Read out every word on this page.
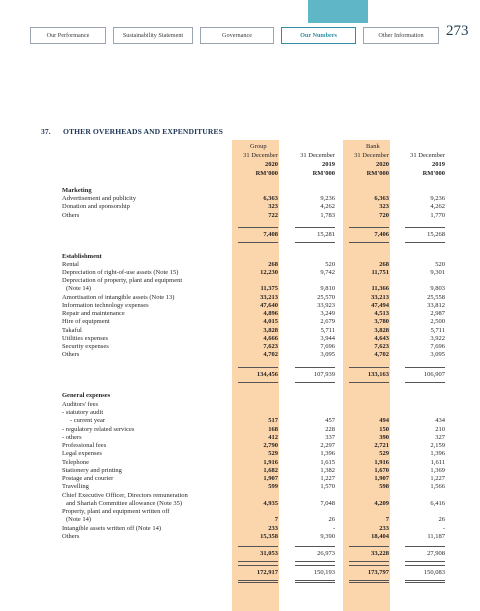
Our Performance	Sustainability Statement	Governance	Our Numbers	Other Information	273
37. OTHER OVERHEADS AND EXPENDITURES
Group	Bank
31 December	31 December	31 December	31 December
2020	2019	2020	2019
RM'000	RM'000	RM'000	RM'000
Marketing
Advertisement and publicity	6,363	9,236	6,363	9,236
Donation and sponsorship	323	4,262	323	4,262
Others	722	1,783	720	1,770
7,408	15,281	7,406	15,268
Establishment
Rental	268	520	268	520
Depreciation of right-of-use assets (Note 15)	12,230	9,742	11,751	9,301
Depreciation of property, plant and equipment
(Note 14)	11,375	9,810	11,366	9,803
Amortisation of intangible assets (Note 13)	33,213	25,570	33,213	25,558
Information technology expenses	47,640	33,923	47,494	33,812
Repair and maintenance	4,896	3,249	4,513	2,987
Hire of equipment	4,015	2,679	3,780	2,500
Takaful	3,828	5,711	3,828	5,711
Utilities expenses	4,666	3,944	4,643	3,922
Security expenses	7,623	7,696	7,623	7,696
Others	4,702	3,095	4,702	3,095
134,456	107,939	133,163	106,907
General expenses
Auditors' fees
- statutory audit
- current year	517	457	494	434
- regulatory related services	168	228	150	210
- others	412	337	390	327
Professional fees	2,790	2,297	2,721	2,159
Legal expenses	529	1,396	529	1,396
Telephone	1,916	1,615	1,916	1,611
Stationery and printing	1,682	1,382	1,670	1,369
Postage and courier	1,907	1,227	1,907	1,227
Travelling	599	1,570	598	1,566
Chief Executive Officer, Directors remuneration
and Shariah Committee allowance (Note 35)	4,935	7,048	4,209	6,416
Property, plant and equipment written off
(Note 14)	7	26	7	26
Intangible assets written off (Note 14)	233	-	233	-
Others	15,358	9,390	18,404	11,187
31,053	26,973	33,228	27,908
172,917	150,193	173,797	150,083
